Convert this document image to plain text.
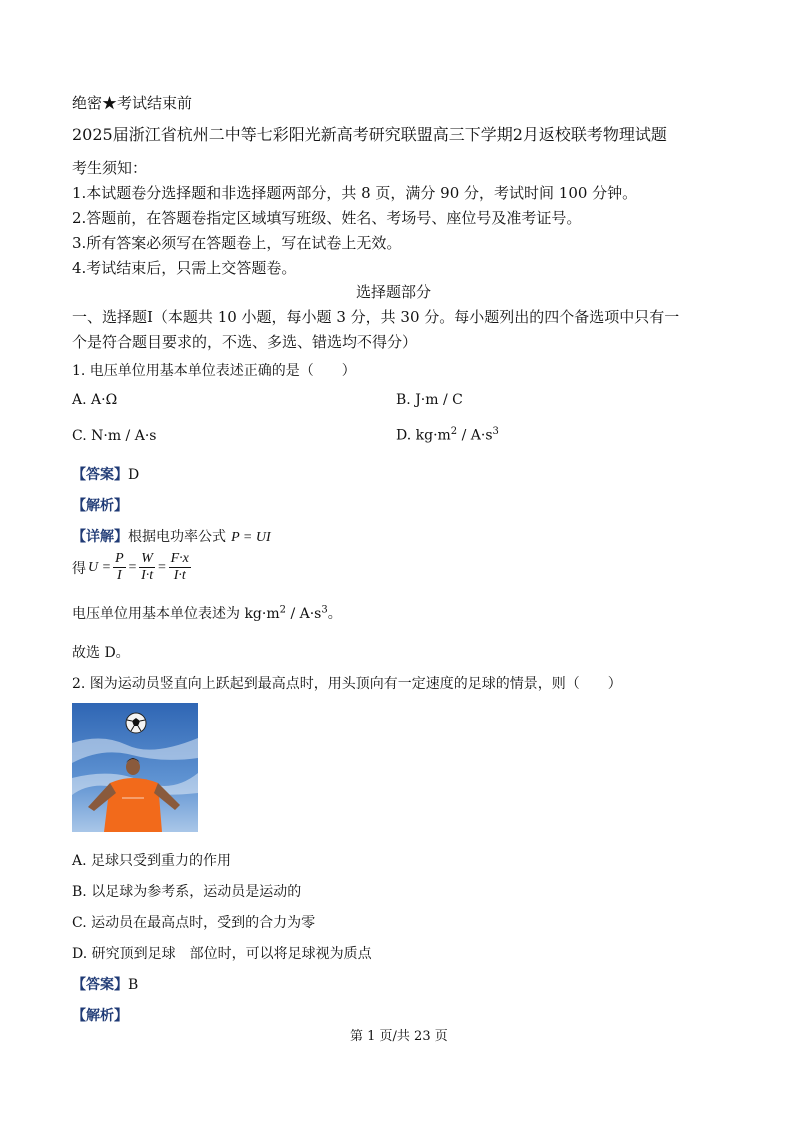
绝密★考试结束前
2025届浙江省杭州二中等七彩阳光新高考研究联盟高三下学期2月返校联考物理试题
考生须知：
1.本试题卷分选择题和非选择题两部分，共 8 页，满分 90 分，考试时间 100 分钟。
2.答题前，在答题卷指定区域填写班级、姓名、考场号、座位号及准考证号。
3.所有答案必须写在答题卷上，写在试卷上无效。
4.考试结束后，只需上交答题卷。
选择题部分
一、选择题Ⅰ（本题共 10 小题，每小题 3 分，共 30 分。每小题列出的四个备选项中只有一
个是符合题目要求的，不选、多选、错选均不得分）
1. 电压单位用基本单位表述正确的是（　　）
A. A·Ω	B. J·m / C
C. N·m / A·s	D. $kg\cdot m^2 / A\cdot s^3$
【答案】D
【解析】
【详解】根据电功率公式 P = UI
得 $U = \frac{P}{I} = \frac{W}{I\cdot t} = \frac{F\cdot x}{I\cdot t}$
电压单位用基本单位表述为 $kg\cdot m^2 / A\cdot s^3$。
故选 D。
2. 图为运动员竖直向上跃起到最高点时，用头顶向有一定速度的足球的情景，则（　　）
A. 足球只受到重力的作用
B. 以足球为参考系，运动员是运动的
C. 运动员在最高点时，受到的合力为零
D. 研究顶到足球　部位时，可以将足球视为质点
【答案】B
【解析】
第 1 页/共 23 页
